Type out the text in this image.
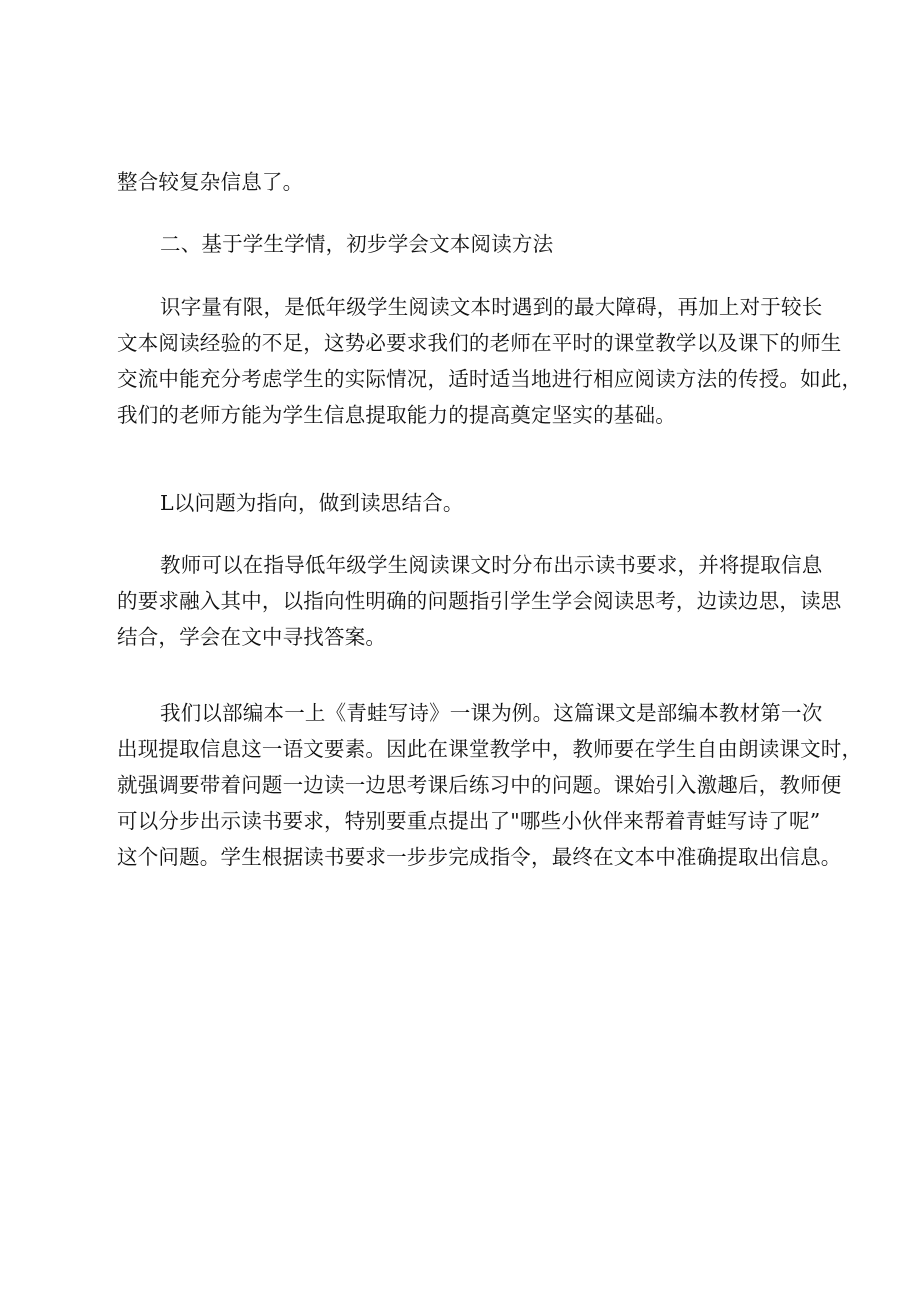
整合较复杂信息了。
二、基于学生学情，初步学会文本阅读方法
识字量有限，是低年级学生阅读文本时遇到的最大障碍，再加上对于较长
文本阅读经验的不足，这势必要求我们的老师在平时的课堂教学以及课下的师生
交流中能充分考虑学生的实际情况，适时适当地进行相应阅读方法的传授。如此，
我们的老师方能为学生信息提取能力的提高奠定坚实的基础。
L以问题为指向，做到读思结合。
教师可以在指导低年级学生阅读课文时分布出示读书要求，并将提取信息
的要求融入其中，以指向性明确的问题指引学生学会阅读思考，边读边思，读思
结合，学会在文中寻找答案。
我们以部编本一上《青蛙写诗》一课为例。这篇课文是部编本教材第一次
出现提取信息这一语文要素。因此在课堂教学中，教师要在学生自由朗读课文时，
就强调要带着问题一边读一边思考课后练习中的问题。课始引入激趣后，教师便
可以分步出示读书要求，特别要重点提出了"哪些小伙伴来帮着青蛙写诗了呢”
这个问题。学生根据读书要求一步步完成指令，最终在文本中准确提取出信息。
